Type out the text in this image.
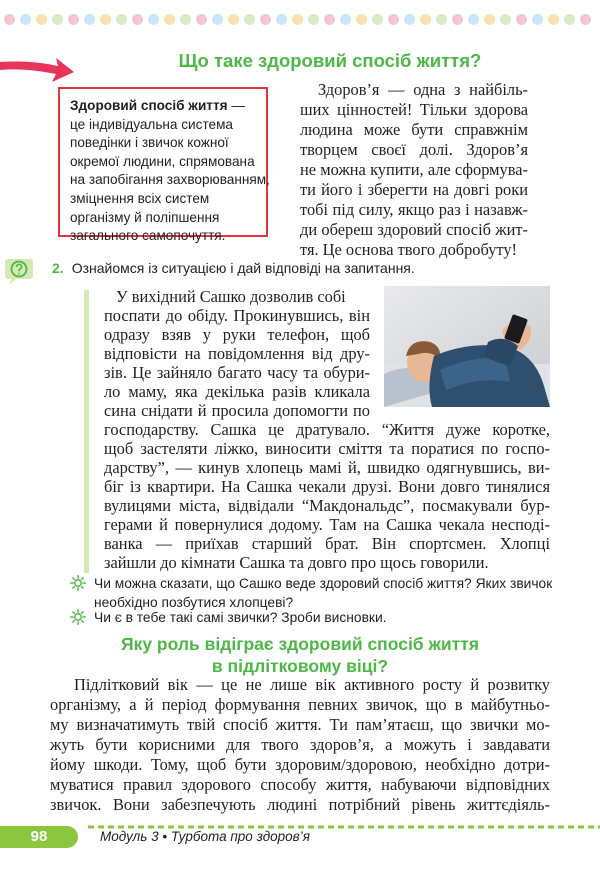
Що таке здоровий спосіб життя?
Здоровий спосіб життя —
це індивідуальна система
поведінки і звичок кожної
окремої людини, спрямована
на запобігання захворюванням,
зміцнення всіх систем
організму й поліпшення
загального самопочуття.
Здоров’я — одна з найбіль-
ших цінностей! Тільки здорова
людина може бути справжнім
творцем своєї долі. Здоров’я
не можна купити, але сформува-
ти його і зберегти на довгі роки
тобі під силу, якщо раз і назавж-
ди обереш здоровий спосіб жит-
тя. Це основа твого добробуту!
2. Ознайомся із ситуацією і дай відповіді на запитання.
У вихідний Сашко дозволив собі
поспати до обіду. Прокинувшись, він
одразу взяв у руки телефон, щоб
відповісти на повідомлення від дру-
зів. Це зайняло багато часу та обури-
ло маму, яка декілька разів кликала
сина снідати й просила допомогти по
господарству. Сашка це дратувало. “Життя дуже коротке,
щоб застеляти ліжко, виносити сміття та поратися по госпо-
дарству”, — кинув хлопець мамі й, швидко одягнувшись, ви-
біг із квартири. На Сашка чекали друзі. Вони довго тинялися
вулицями міста, відвідали “Макдональдс”, посмакували бур-
герами й повернулися додому. Там на Сашка чекала несподі-
ванка — приїхав старший брат. Він спортсмен. Хлопці
зайшли до кімнати Сашка та довго про щось говорили.
Чи можна сказати, що Сашко веде здоровий спосіб життя? Яких звичок
необхідно позбутися хлопцеві?
Чи є в тебе такі самі звички? Зроби висновки.
Яку роль відіграє здоровий спосіб життя
в підлітковому віці?
Підлітковий вік — це не лише вік активного росту й розвитку
організму, а й період формування певних звичок, що в майбутньо-
му визначатимуть твій спосіб життя. Ти пам’ятаєш, що звички мо-
жуть бути корисними для твого здоров’я, а можуть і завдавати
йому шкоди. Тому, щоб бути здоровим/здоровою, необхідно дотри-
муватися правил здорового способу життя, набуваючи відповідних
звичок. Вони забезпечують людині потрібний рівень життєдіяль-
98	Модуль 3 • Турбота про здоров’я
